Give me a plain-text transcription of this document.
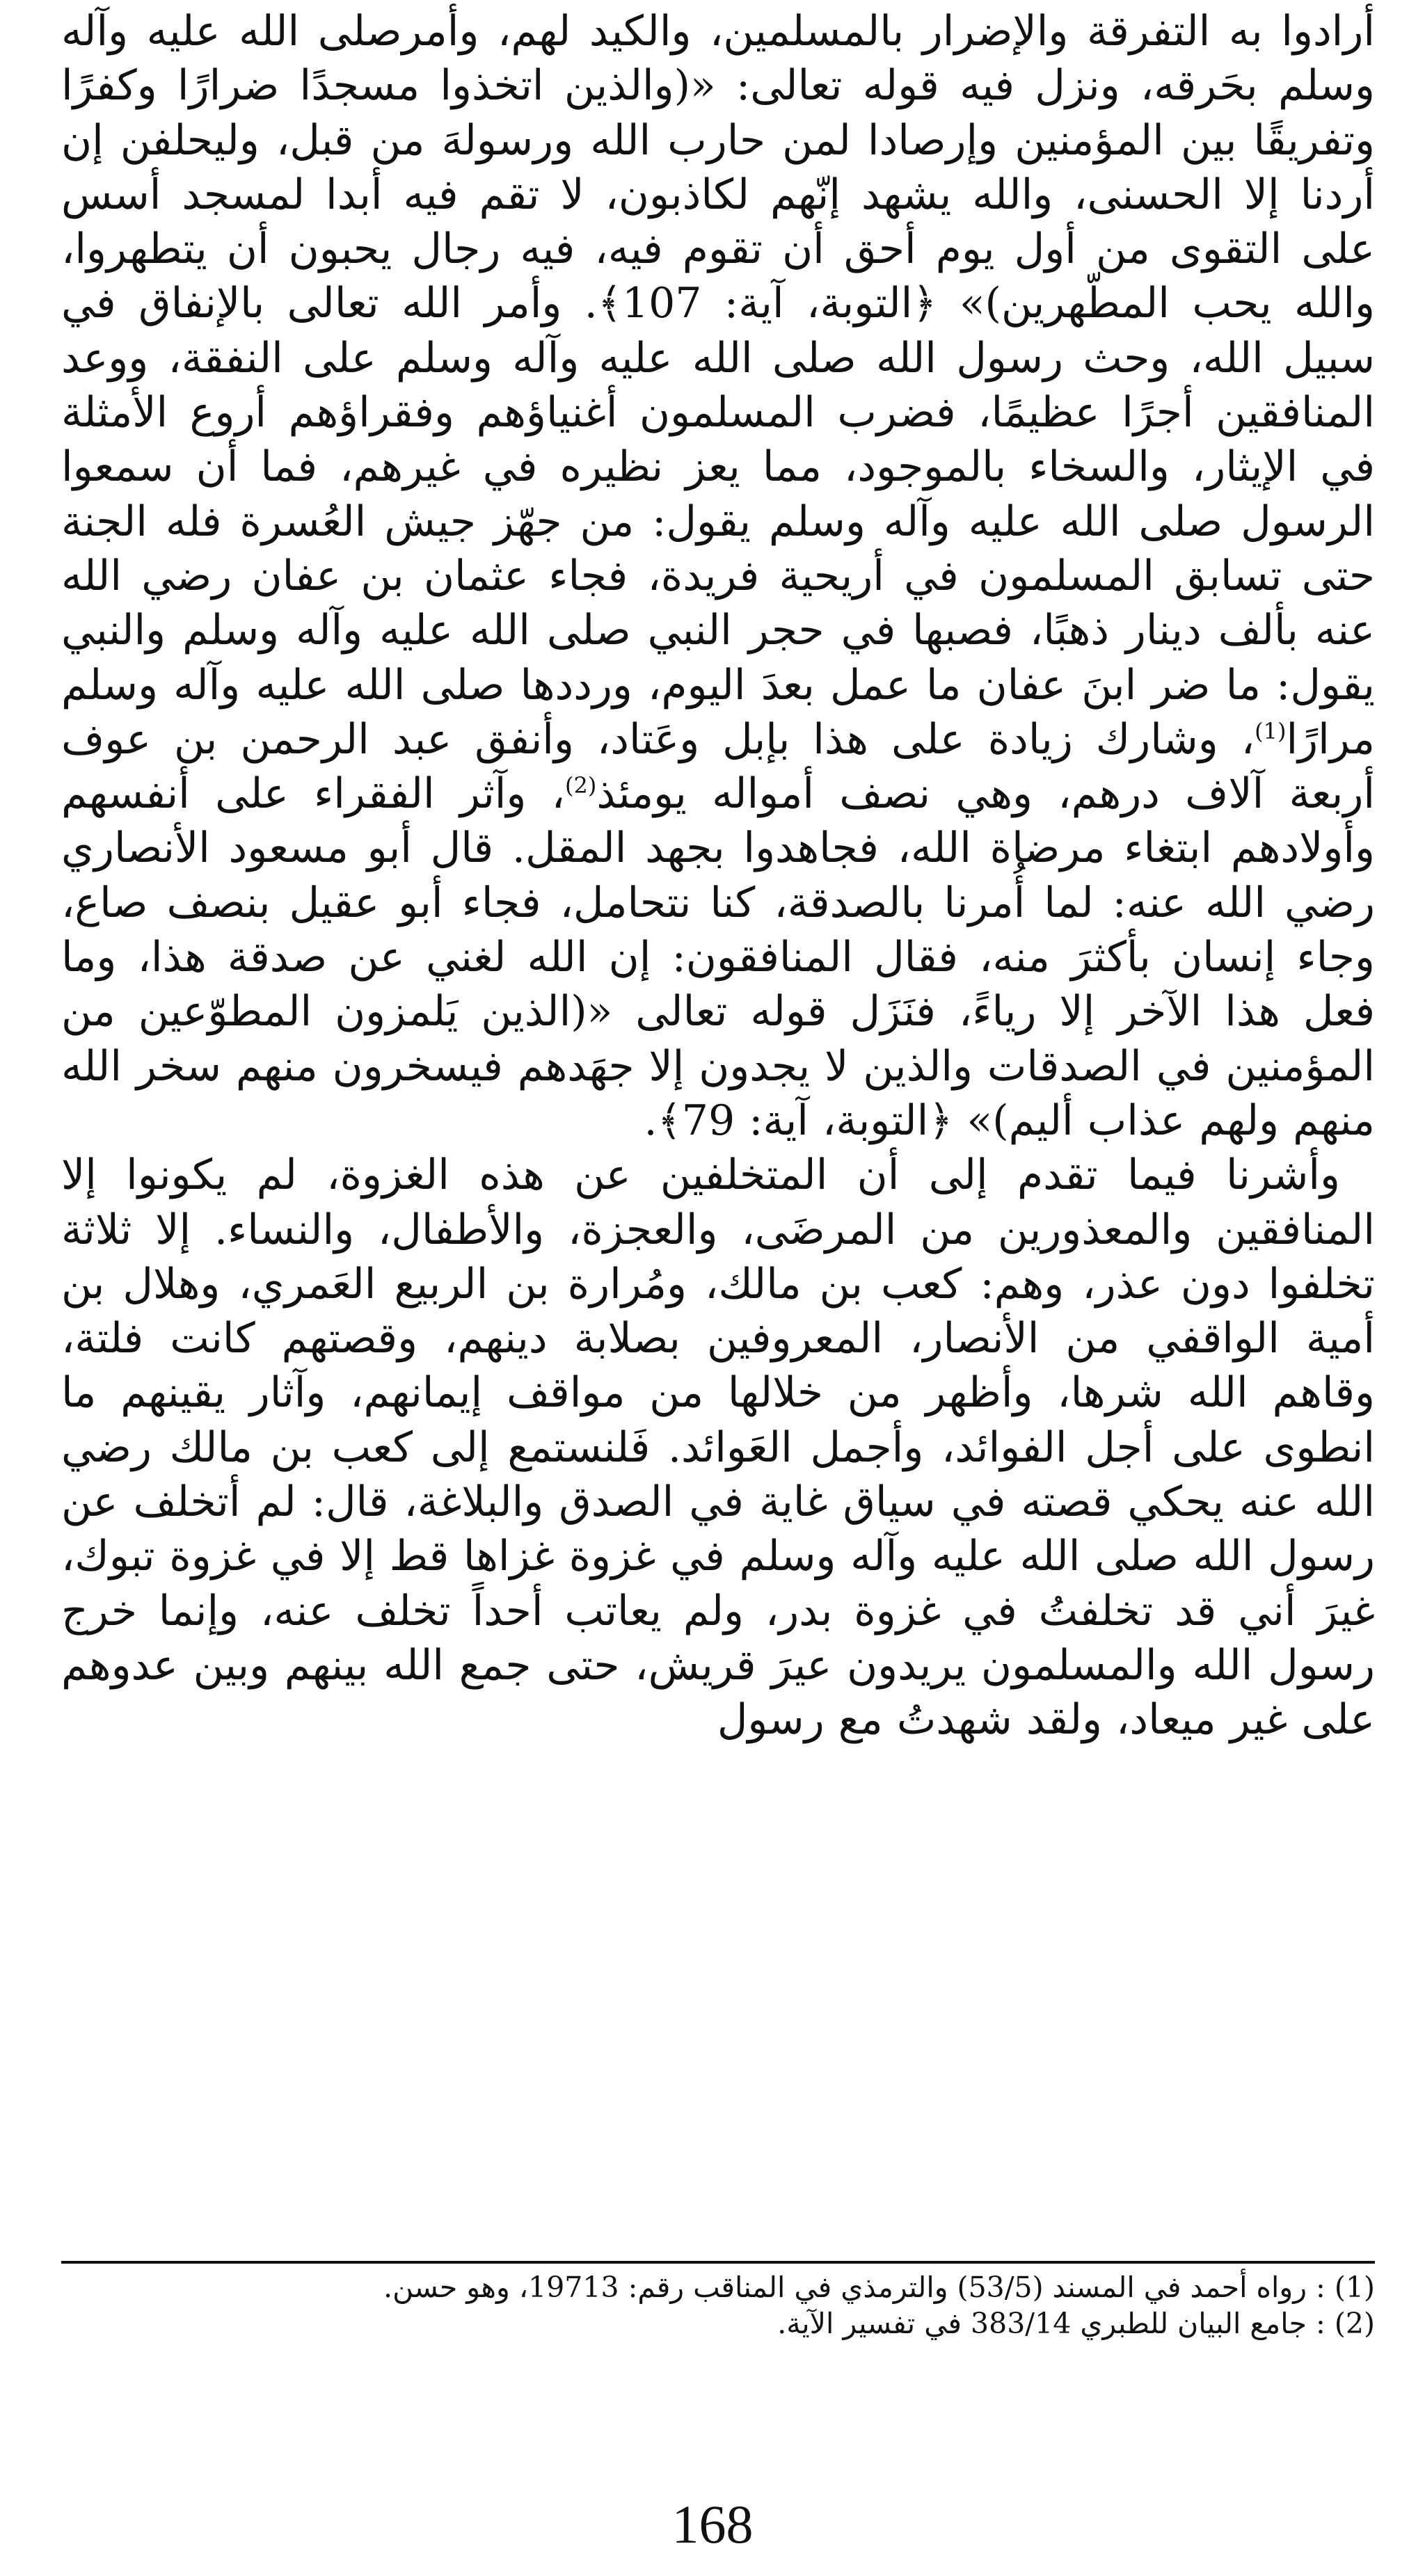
أرادوا به التفرقة والإضرار بالمسلمين، والكيد لهم، وأمرصلى الله عليه وآله وسلم بحَرقه، ونزل فيه قوله تعالى: «(والذين اتخذوا مسجدًا ضرارًا وكفرًا وتفريقًا بين المؤمنين وإرصادا لمن حارب الله ورسولهَ من قبل، وليحلفن إن أردنا إلا الحسنى، والله يشهد إنّهم لكاذبون، لا تقم فيه أبدا لمسجد أسس على التقوى من أول يوم أحق أن تقوم فيه، فيه رجال يحبون أن يتطهروا، والله يحب المطّهرين)» ﴿التوبة، آية: 107﴾. وأمر الله تعالى بالإنفاق في سبيل الله، وحث رسول الله صلى الله عليه وآله وسلم على النفقة، ووعد المنافقين أجرًا عظيمًا، فضرب المسلمون أغنياؤهم وفقراؤهم أروع الأمثلة في الإيثار، والسخاء بالموجود، مما يعز نظيره في غيرهم، فما أن سمعوا الرسول صلى الله عليه وآله وسلم يقول: من جهّز جيش العُسرة فله الجنة حتى تسابق المسلمون في أريحية فريدة، فجاء عثمان بن عفان رضي الله عنه بألف دينار ذهبًا، فصبها في حجر النبي صلى الله عليه وآله وسلم والنبي يقول: ما ضر ابنَ عفان ما عمل بعدَ اليوم، ورددها صلى الله عليه وآله وسلم مرارًا$^{(1)}$، وشارك زيادة على هذا بإبل وعَتاد، وأنفق عبد الرحمن بن عوف أربعة آلاف درهم، وهي نصف أمواله يومئذ$^{(2)}$، وآثر الفقراء على أنفسهم وأولادهم ابتغاء مرضاة الله، فجاهدوا بجهد المقل. قال أبو مسعود الأنصاري رضي الله عنه: لما أُمرنا بالصدقة، كنا نتحامل، فجاء أبو عقيل بنصف صاع، وجاء إنسان بأكثرَ منه، فقال المنافقون: إن الله لغني عن صدقة هذا، وما فعل هذا الآخر إلا رياءً، فنَزَل قوله تعالى «(الذين يَلمزون المطوّعين من المؤمنين في الصدقات والذين لا يجدون إلا جهَدهم فيسخرون منهم سخر الله منهم ولهم عذاب أليم)» ﴿التوبة، آية: 79﴾.

وأشرنا فيما تقدم إلى أن المتخلفين عن هذه الغزوة، لم يكونوا إلا المنافقين والمعذورين من المرضَى، والعجزة، والأطفال، والنساء. إلا ثلاثة تخلفوا دون عذر، وهم: كعب بن مالك، ومُرارة بن الربيع العَمري، وهلال بن أمية الواقفي من الأنصار، المعروفين بصلابة دينهم، وقصتهم كانت فلتة، وقاهم الله شرها، وأظهر من خلالها من مواقف إيمانهم، وآثار يقينهم ما انطوى على أجل الفوائد، وأجمل العَوائد. فَلنستمع إلى كعب بن مالك رضي الله عنه يحكي قصته في سياق غاية في الصدق والبلاغة، قال: لم أتخلف عن رسول الله صلى الله عليه وآله وسلم في غزوة غزاها قط إلا في غزوة تبوك، غيرَ أني قد تخلفتُ في غزوة بدر، ولم يعاتب أحداً تخلف عنه، وإنما خرج رسول الله والمسلمون يريدون عيرَ قريش، حتى جمع الله بينهم وبين عدوهم على غير ميعاد، ولقد شهدتُ مع رسول

(1) : رواه أحمد في المسند (53/5) والترمذي في المناقب رقم: 19713، وهو حسن.

(2) : جامع البيان للطبري 383/14 في تفسير الآية.

168
